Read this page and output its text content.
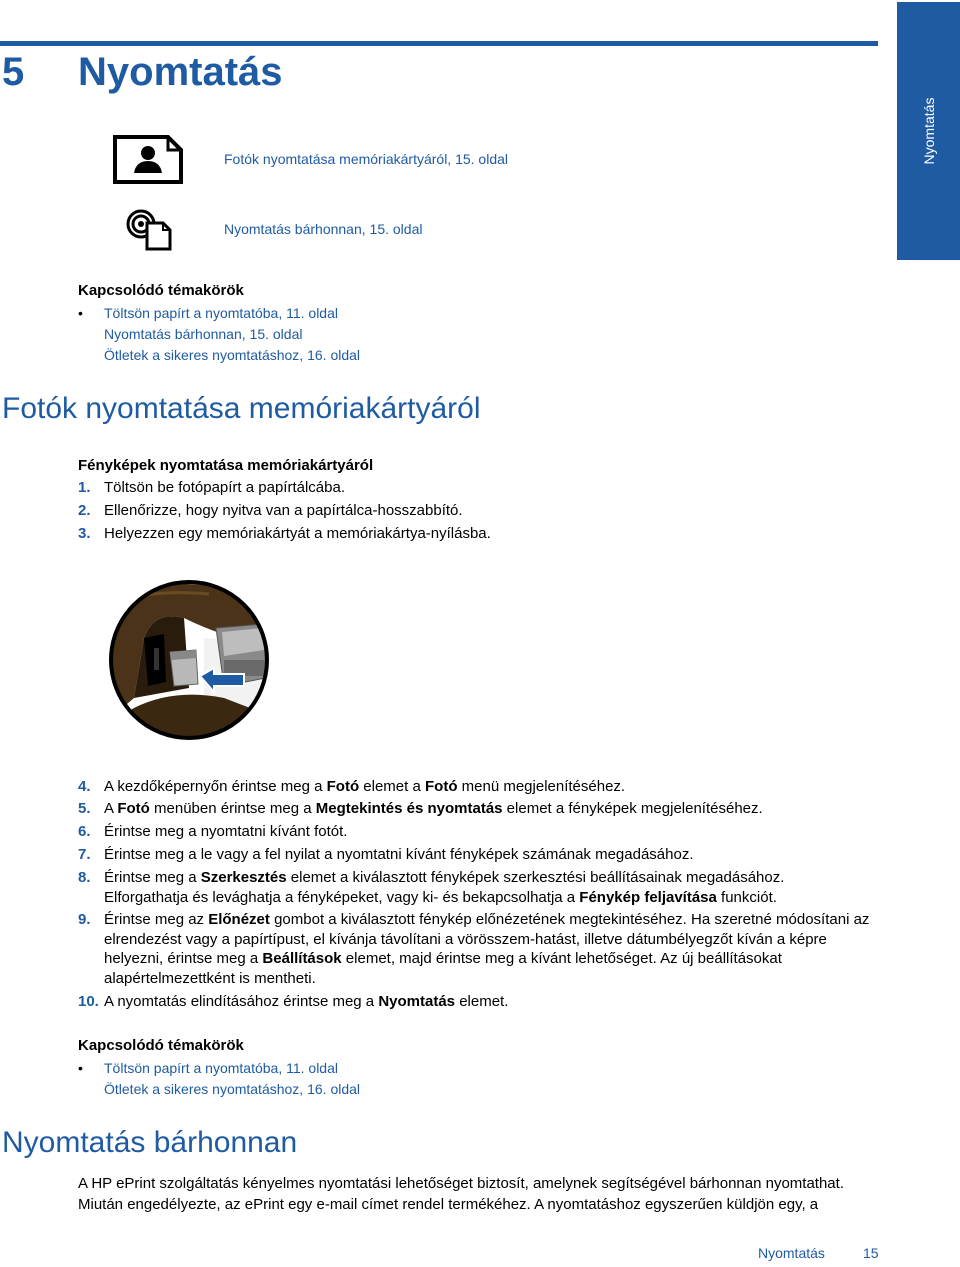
Nyomtatás
5 Nyomtatás
Fotók nyomtatása memóriakártyáról, 15. oldal
Nyomtatás bárhonnan, 15. oldal
Kapcsolódó témakörök
• Töltsön papírt a nyomtatóba, 11. oldal
Nyomtatás bárhonnan, 15. oldal
Ötletek a sikeres nyomtatáshoz, 16. oldal
Fotók nyomtatása memóriakártyáról
Fényképek nyomtatása memóriakártyáról
1. Töltsön be fotópapírt a papírtálcába.
2. Ellenőrizze, hogy nyitva van a papírtálca-hosszabbító.
3. Helyezzen egy memóriakártyát a memóriakártya-nyílásba.
4. A kezdőképernyőn érintse meg a Fotó elemet a Fotó menü megjelenítéséhez.
5. A Fotó menüben érintse meg a Megtekintés és nyomtatás elemet a fényképek megjelenítéséhez.
6. Érintse meg a nyomtatni kívánt fotót.
7. Érintse meg a le vagy a fel nyilat a nyomtatni kívánt fényképek számának megadásához.
8. Érintse meg a Szerkesztés elemet a kiválasztott fényképek szerkesztési beállításainak megadásához.
Elforgathatja és levághatja a fényképeket, vagy ki- és bekapcsolhatja a Fénykép feljavítása funkciót.
9. Érintse meg az Előnézet gombot a kiválasztott fénykép előnézetének megtekintéséhez. Ha szeretné módosítani az elrendezést vagy a papírtípust, el kívánja távolítani a vörösszem-hatást, illetve dátumbélyegzőt kíván a képre helyezni, érintse meg a Beállítások elemet, majd érintse meg a kívánt lehetőséget. Az új beállításokat alapértelmezettként is mentheti.
10. A nyomtatás elindításához érintse meg a Nyomtatás elemet.
Kapcsolódó témakörök
• Töltsön papírt a nyomtatóba, 11. oldal
Ötletek a sikeres nyomtatáshoz, 16. oldal
Nyomtatás bárhonnan
A HP ePrint szolgáltatás kényelmes nyomtatási lehetőséget biztosít, amelynek segítségével bárhonnan nyomtathat. Miután engedélyezte, az ePrint egy e-mail címet rendel termékéhez. A nyomtatáshoz egyszerűen küldjön egy, a
Nyomtatás	15
